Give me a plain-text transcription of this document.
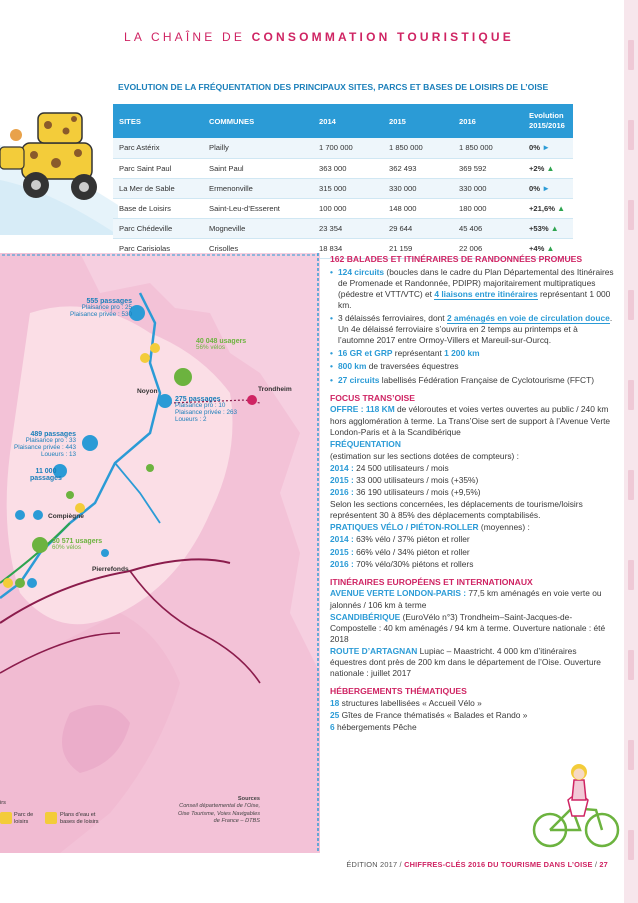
LA CHAÎNE DE CONSOMMATION TOURISTIQUE
EVOLUTION DE LA FRÉQUENTATION DES PRINCIPAUX SITES, PARCS ET BASES DE LOISIRS DE L’OISE
SITES	COMMUNES	2014	2015	2016	Evolution 2015/2016
Parc Astérix	Plailly	1 700 000	1 850 000	1 850 000	0% ►
Parc Saint Paul	Saint Paul	363 000	362 493	369 592	+2% ▲
La Mer de Sable	Ermenonville	315 000	330 000	330 000	0% ►
Base de Loisirs	Saint-Leu-d’Esserent	100 000	148 000	180 000	+21,6% ▲
Parc Chédeville	Mogneville	23 354	29 644	45 406	+53% ▲
Parc Carisiolas	Crisolles	18 834	21 159	22 006	+4% ▲
555 passages
Plaisance pro : 25
Plaisance privée : 530
40 048 usagers
56% vélos
Trondheim
Noyon
275 passages
Plaisance pro : 10
Plaisance privée : 263
Loueurs : 2
489 passages
Plaisance pro : 33
Plaisance privée : 443
Loueurs : 13
11 000
passages
Compiègne
30 571 usagers
60% vélos
Pierrefonds
Sources
Conseil départemental de l’Oise,
Oise Tourisme, Voies Navigables
de France – DTBS
irs
Parc de
loisirs
Plans d’eau et
bases de loisirs
162 BALADES ET ITINÉRAIRES DE RANDONNÉES PROMUES
• 124 circuits (boucles dans le cadre du Plan Départemental des Itinéraires de Promenade et Randonnée, PDIPR) majoritairement multipratiques (pédestre et VTT/VTC) et 4 liaisons entre itinéraires représentant 1 000 km.
• 3 délaissés ferroviaires, dont 2 aménagés en voie de circulation douce. Un 4e délaissé ferroviaire s’ouvrira en 2 temps au printemps et à l’automne 2017 entre Ormoy-Villers et Mareuil-sur-Ourcq.
• 16 GR et GRP représentant 1 200 km
• 800 km de traversées équestres
• 27 circuits labellisés Fédération Française de Cyclotourisme (FFCT)
FOCUS TRANS’OISE

OFFRE : 118 KM de véloroutes et voies vertes ouvertes au public / 240 km hors agglomération à terme. La Trans’Oise sert de support à l’Avenue Verte London-Paris et à la Scandibérique

FRÉQUENTATION

(estimation sur les sections dotées de compteurs) :

2014 : 24 500 utilisateurs / mois

2015 : 33 000 utilisateurs / mois (+35%)

2016 : 36 190 utilisateurs / mois (+9,5%)

Selon les sections concernées, les déplacements de tourisme/loisirs représentent 30 à 85% des déplacements comptabilisés.

PRATIQUES VÉLO / PIÉTON-ROLLER (moyennes) :

2014 : 63% vélo / 37% piéton et roller

2015 : 66% vélo / 34% piéton et roller

2016 : 70% vélo/30% piétons et rollers

ITINÉRAIRES EUROPÉENS ET INTERNATIONAUX

AVENUE VERTE LONDON-PARIS : 77,5 km aménagés en voie verte ou jalonnés / 106 km à terme

SCANDIBÉRIQUE (EuroVélo n°3) Trondheim–Saint-Jacques-de-Compostelle : 40 km aménagés / 94 km à terme. Ouverture nationale : été 2018

ROUTE D’ARTAGNAN Lupiac – Maastricht. 4 000 km d’itinéraires équestres dont près de 200 km dans le département de l’Oise. Ouverture nationale : juillet 2017

HÉBERGEMENTS THÉMATIQUES

18 structures labellisées « Accueil Vélo »

25 Gîtes de France thématisés « Balades et Rando »

6 hébergements Pêche

ÉDITION 2017 / CHIFFRES-CLÉS 2016 DU TOURISME DANS L’OISE / 27
